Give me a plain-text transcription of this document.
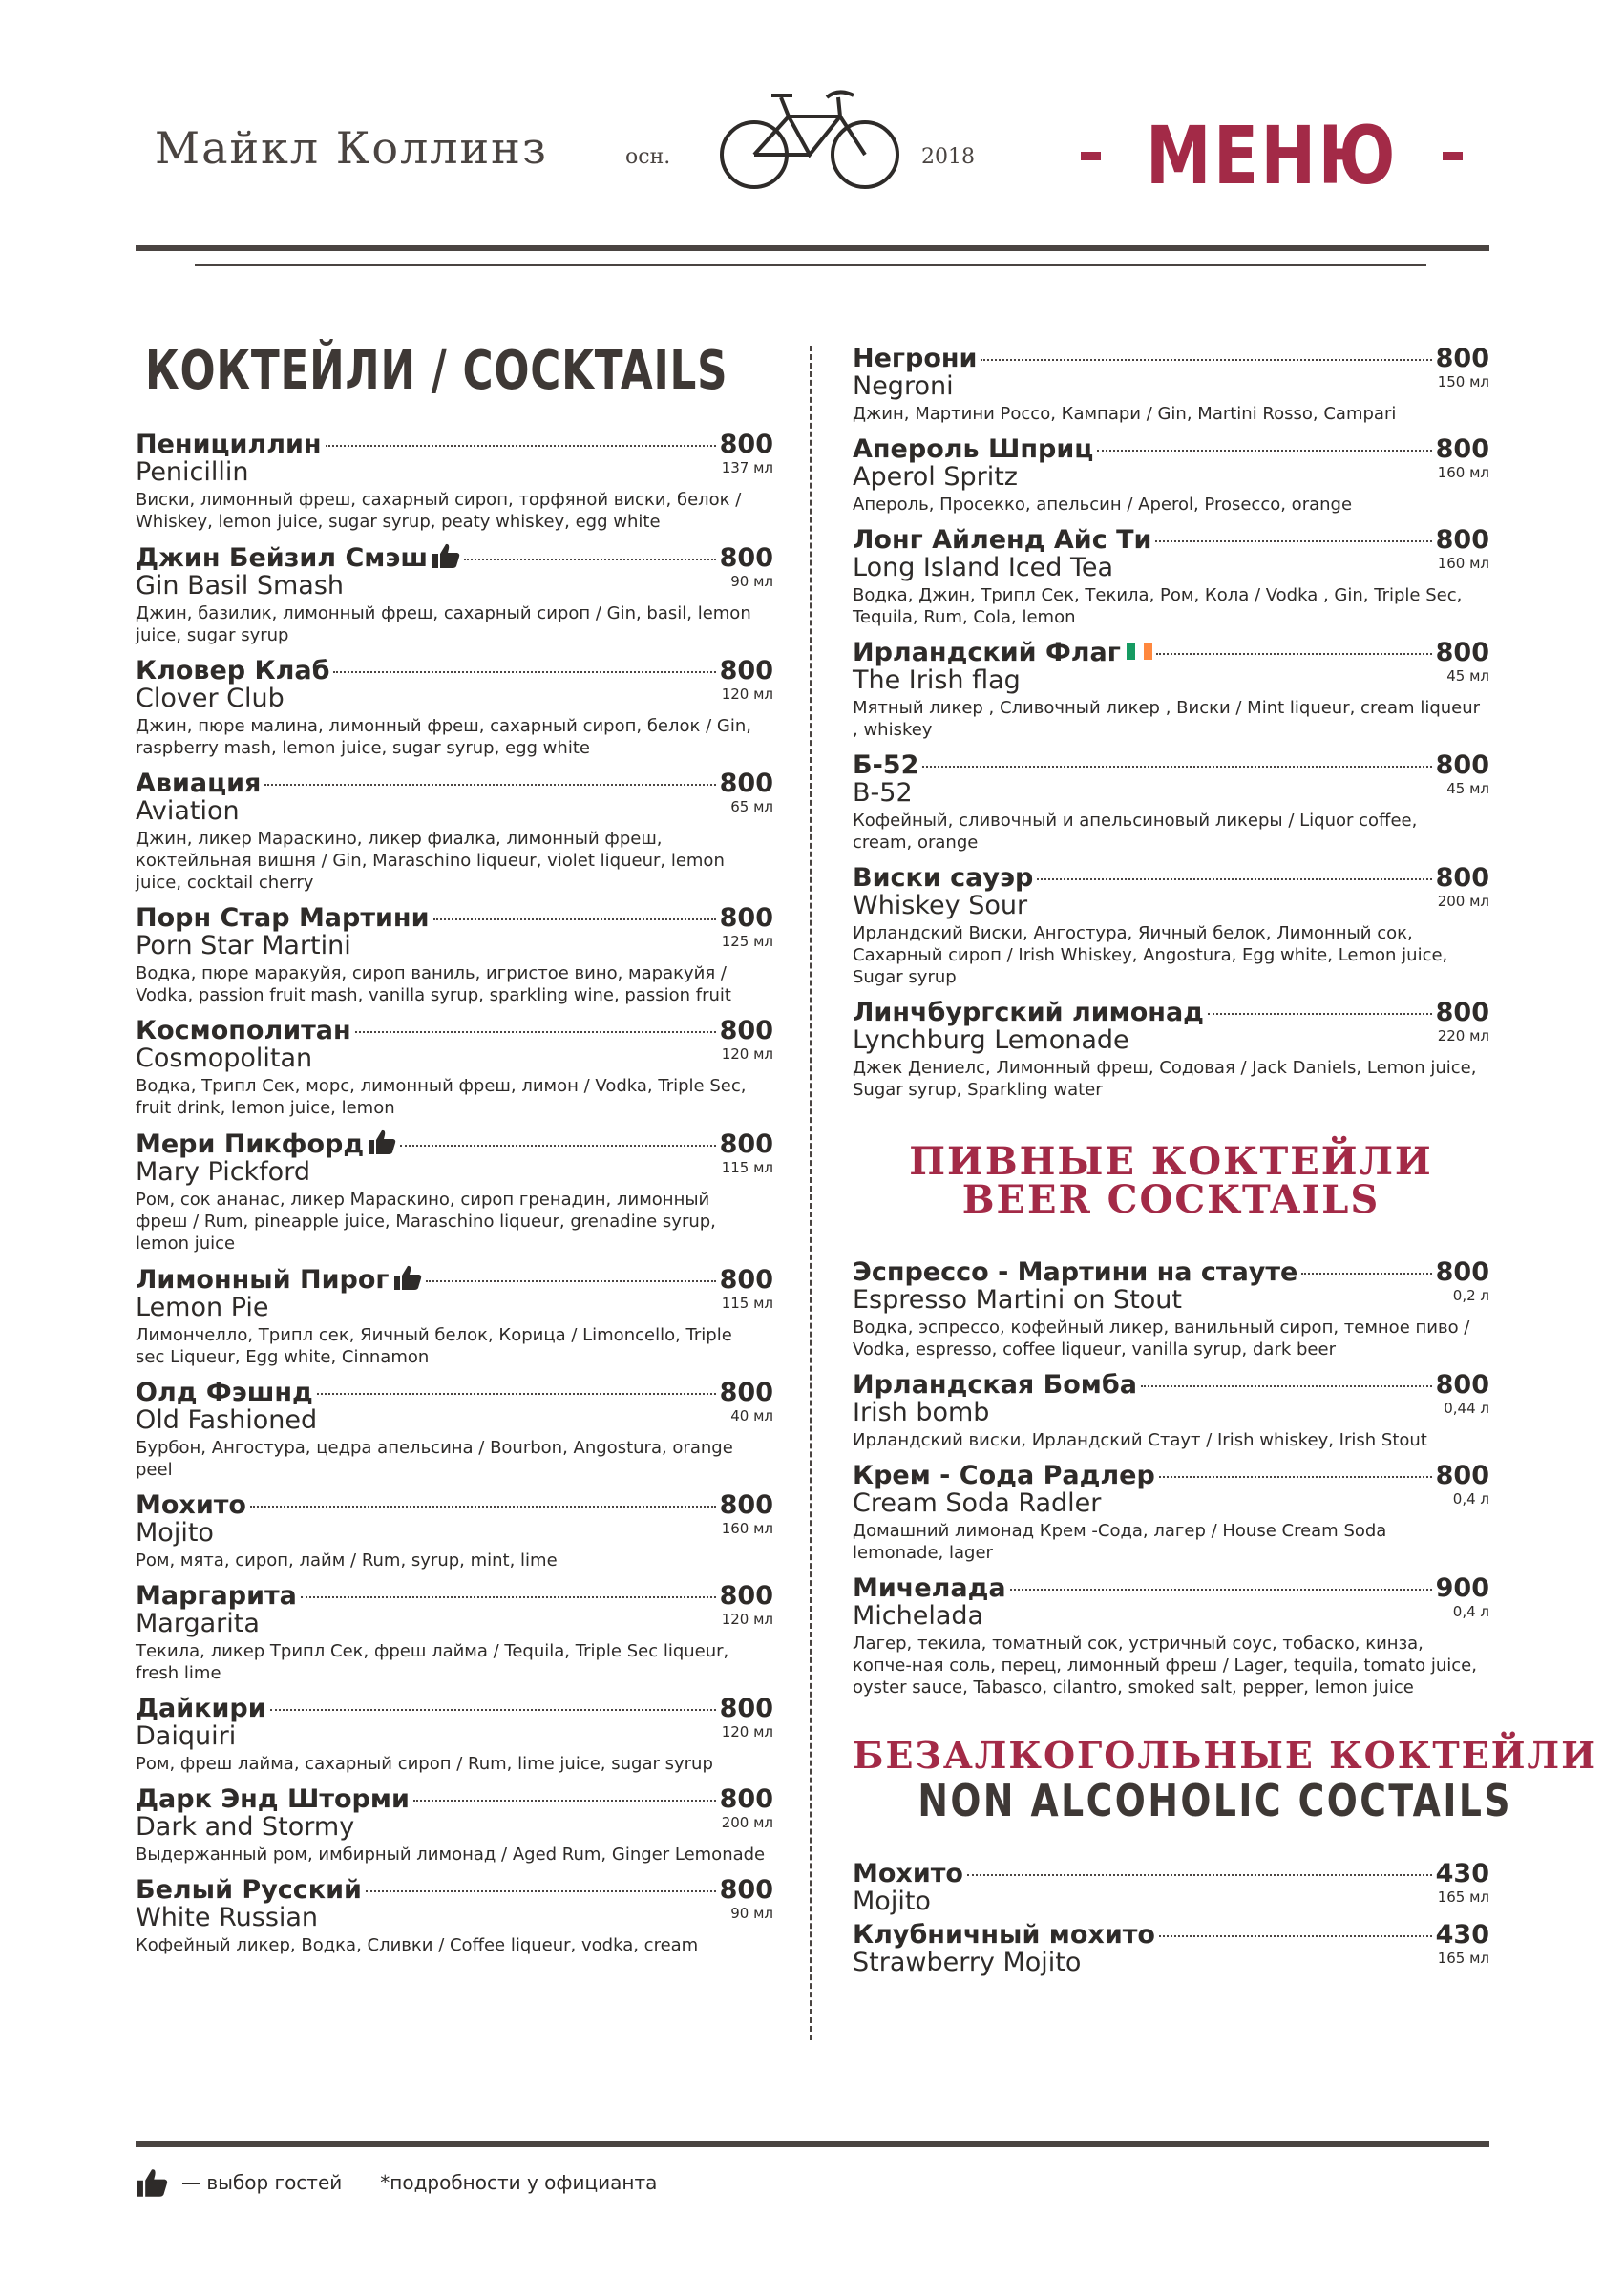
Майкл Коллинз	осн.	2018 МЕНЮ
КОКТЕЙЛИ / COCKTAILS
Пенициллин	800
Penicillin	137 мл
Виски, лимонный фреш, сахарный сироп, торфяной виски, белок / Whiskey, lemon juice, sugar syrup, peaty whiskey, egg white
Джин Бейзил Смэш	800
Gin Basil Smash	90 мл
Джин, базилик, лимонный фреш, сахарный сироп / Gin, basil, lemon juice, sugar syrup
Кловер Клаб	800
Clover Club	120 мл
Джин, пюре малина, лимонный фреш, сахарный сироп, белок / Gin, raspberry mash, lemon juice, sugar syrup, egg white
Авиация	800
Aviation	65 мл
Джин, ликер Мараскино, ликер фиалка, лимонный фреш, коктейльная вишня / Gin, Maraschino liqueur, violet liqueur, lemon juice, cocktail cherry
Порн Стар Мартини	800
Porn Star Martini	125 мл
Водка, пюре маракуйя, сироп ваниль, игристое вино, маракуйя / Vodka, passion fruit mash, vanilla syrup, sparkling wine, passion fruit
Космополитан	800
Cosmopolitan	120 мл
Водка, Трипл Сек, морс, лимонный фреш, лимон / Vodka, Triple Sec, fruit drink, lemon juice, lemon
Мери Пикфорд	800
Mary Pickford	115 мл
Ром, сок ананас, ликер Мараскино, сироп гренадин, лимонный фреш / Rum, pineapple juice, Maraschino liqueur, grenadine syrup, lemon juice
Лимонный Пирог	800
Lemon Pie	115 мл
Лимончелло, Трипл сек, Яичный белок, Корица / Limoncello, Triple sec Liqueur, Egg white, Cinnamon
Олд Фэшнд	800
Old Fashioned	40 мл
Бурбон, Ангостура, цедра апельсина / Bourbon, Angostura, orange peel
Мохито	800
Mojito	160 мл
Ром, мята, сироп, лайм / Rum, syrup, mint, lime
Маргарита	800
Margarita	120 мл
Текила, ликер Трипл Сек, фреш лайма / Tequila, Triple Sec liqueur, fresh lime
Дайкири	800
Daiquiri	120 мл
Ром, фреш лайма, сахарный сироп / Rum, lime juice, sugar syrup
Дарк Энд Шторми	800
Dark and Stormy	200 мл
Выдержанный ром, имбирный лимонад / Aged Rum, Ginger Lemonade
Белый Русский	800
White Russian	90 мл
Кофейный ликер, Водка, Сливки / Coffee liqueur, vodka, cream
Негрони	800
Negroni	150 мл
Джин, Мартини Россо, Кампари / Gin, Martini Rosso, Campari
Апероль Шприц	800
Aperol Spritz	160 мл
Апероль, Просекко, апельсин / Aperol, Prosecco, orange
Лонг Айленд Айс Ти	800
Long Island Iced Tea	160 мл
Водка, Джин, Трипл Сек, Текила, Ром, Кола / Vodka , Gin, Triple Sec, Tequila, Rum, Cola, lemon
Ирландский Флаг	800
The Irish flag	45 мл
Мятный ликер , Сливочный ликер , Виски / Mint liqueur, cream liqueur , whiskey
Б-52	800
B-52	45 мл
Кофейный, сливочный и апельсиновый ликеры / Liquor coffee, cream, orange
Виски сауэр	800
Whiskey Sour	200 мл
Ирландский Виски, Ангостура, Яичный белок, Лимонный сок, Сахарный сироп / Irish Whiskey, Angostura, Egg white, Lemon juice, Sugar syrup
Линчбургский лимонад	800
Lynchburg Lemonade	220 мл
Джек Дениелс, Лимонный фреш, Содовая / Jack Daniels, Lemon juice, Sugar syrup, Sparkling water
ПИВНЫЕ КОКТЕЙЛИ
BEER COCKTAILS
Эспрессо - Мартини на стауте	800
Espresso Martini on Stout	0,2 л
Водка, эспрессо, кофейный ликер, ванильный сироп, темное пиво / Vodka, espresso, coffee liqueur, vanilla syrup, dark beer
Ирландская Бомба	800
Irish bomb	0,44 л
Ирландский виски, Ирландский Стаут / Irish whiskey, Irish Stout
Крем - Сода Радлер	800
Cream Soda Radler	0,4 л
Домашний лимонад Крем -Сода, лагер / House Cream Soda lemonade, lager
Мичелада	900
Michelada	0,4 л
Лагер, текила, томатный сок, устричный соус, тобаско, кинза, копче-ная соль, перец, лимонный фреш / Lager, tequila, tomato juice, oyster sauce, Tabasco, cilantro, smoked salt, pepper, lemon juice
БЕЗАЛКОГОЛЬНЫЕ КОКТЕЙЛИ
NON ALCOHOLIC COCTAILS
Мохито	430
Mojito	165 мл
Клубничный мохито	430
Strawberry Mojito	165 мл
— выбор гостей *подробности у официанта
